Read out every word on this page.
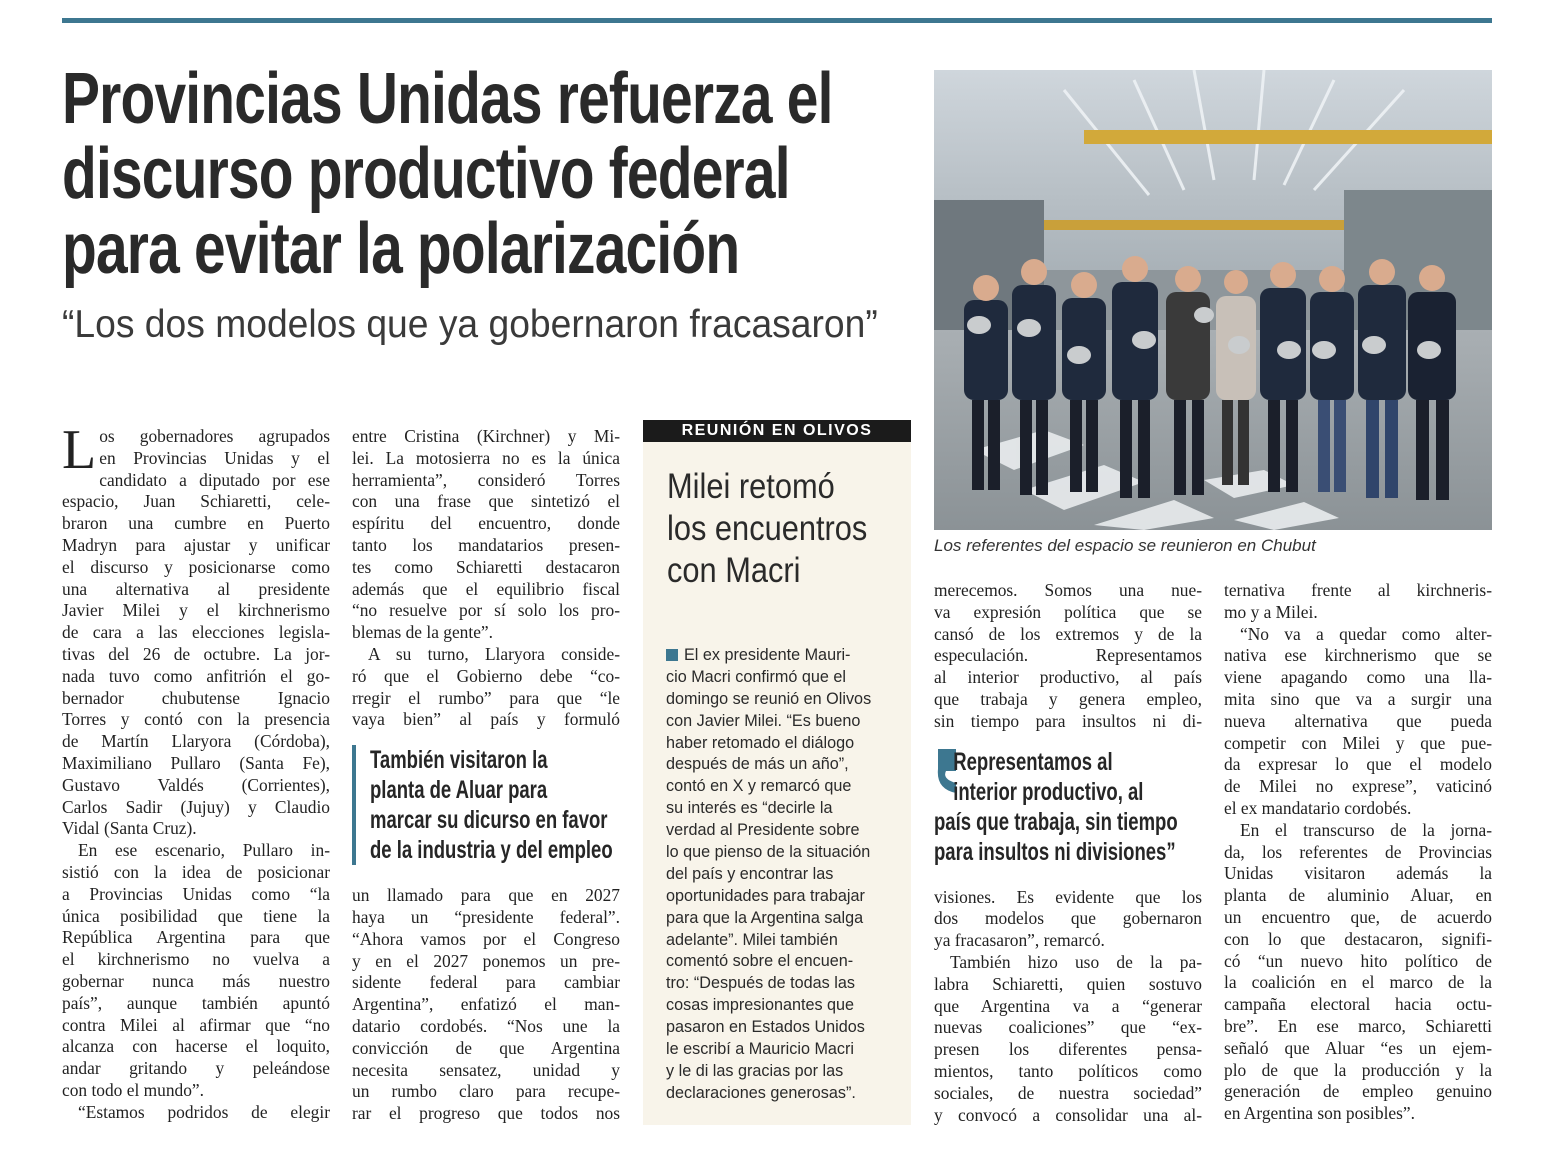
Provincias Unidas refuerza el
discurso productivo federal
para evitar la polarización
“Los dos modelos que ya gobernaron fracasaron”
Los referentes del espacio se reunieron en Chubut
L os gobernadores agrupados
en Provincias Unidas y el
candidato a diputado por ese
espacio, Juan Schiaretti, cele-
braron una cumbre en Puerto
Madryn para ajustar y unificar
el discurso y posicionarse como
una alternativa al presidente
Javier Milei y el kirchnerismo
de cara a las elecciones legisla-
tivas del 26 de octubre. La jor-
nada tuvo como anfitrión el go-
bernador chubutense Ignacio
Torres y contó con la presencia
de Martín Llaryora (Córdoba),
Maximiliano Pullaro (Santa Fe),
Gustavo Valdés (Corrientes),
Carlos Sadir (Jujuy) y Claudio
Vidal (Santa Cruz).
En ese escenario, Pullaro in-
sistió con la idea de posicionar
a Provincias Unidas como “la
única posibilidad que tiene la
República Argentina para que
el kirchnerismo no vuelva a
gobernar nunca más nuestro
país”, aunque también apuntó
contra Milei al afirmar que “no
alcanza con hacerse el loquito,
andar gritando y peleándose
con todo el mundo”.
“Estamos podridos de elegir
entre Cristina (Kirchner) y Mi-
lei. La motosierra no es la única
herramienta”, consideró Torres
con una frase que sintetizó el
espíritu del encuentro, donde
tanto los mandatarios presen-
tes como Schiaretti destacaron
además que el equilibrio fiscal
“no resuelve por sí solo los pro-
blemas de la gente”.
A su turno, Llaryora conside-
ró que el Gobierno debe “co-
rregir el rumbo” para que “le
vaya bien” al país y formuló
También visitaron la
planta de Aluar para
marcar su dicurso en favor
de la industria y del empleo
un llamado para que en 2027
haya un “presidente federal”.
“Ahora vamos por el Congreso
y en el 2027 ponemos un pre-
sidente federal para cambiar
Argentina”, enfatizó el man-
datario cordobés. “Nos une la
convicción de que Argentina
necesita sensatez, unidad y
un rumbo claro para recupe-
rar el progreso que todos nos
merecemos. Somos una nue-
va expresión política que se
cansó de los extremos y de la
especulación. Representamos
al interior productivo, al país
que trabaja y genera empleo,
sin tiempo para insultos ni di-
Representamos al
interior productivo, al
país que trabaja, sin tiempo
para insultos ni divisiones”
visiones. Es evidente que los
dos modelos que gobernaron
ya fracasaron”, remarcó.
También hizo uso de la pa-
labra Schiaretti, quien sostuvo
que Argentina va a “generar
nuevas coaliciones” que “ex-
presen los diferentes pensa-
mientos, tanto políticos como
sociales, de nuestra sociedad”
y convocó a consolidar una al-
ternativa frente al kirchneris-
mo y a Milei.
“No va a quedar como alter-
nativa ese kirchnerismo que se
viene apagando como una lla-
mita sino que va a surgir una
nueva alternativa que pueda
competir con Milei y que pue-
da expresar lo que el modelo
de Milei no exprese”, vaticinó
el ex mandatario cordobés.
En el transcurso de la jorna-
da, los referentes de Provincias
Unidas visitaron además la
planta de aluminio Aluar, en
un encuentro que, de acuerdo
con lo que destacaron, signifi-
có “un nuevo hito político de
la coalición en el marco de la
campaña electoral hacia octu-
bre”. En ese marco, Schiaretti
señaló que Aluar “es un ejem-
plo de que la producción y la
generación de empleo genuino
en Argentina son posibles”.
REUNIÓN EN OLIVOS
Milei retomó
los encuentros
con Macri
El ex presidente Mauri-
cio Macri confirmó que el
domingo se reunió en Olivos
con Javier Milei. “Es bueno
haber retomado el diálogo
después de más un año”,
contó en X y remarcó que
su interés es “decirle la
verdad al Presidente sobre
lo que pienso de la situación
del país y encontrar las
oportunidades para trabajar
para que la Argentina salga
adelante”. Milei también
comentó sobre el encuen-
tro: “Después de todas las
cosas impresionantes que
pasaron en Estados Unidos
le escribí a Mauricio Macri
y le di las gracias por las
declaraciones generosas”.
